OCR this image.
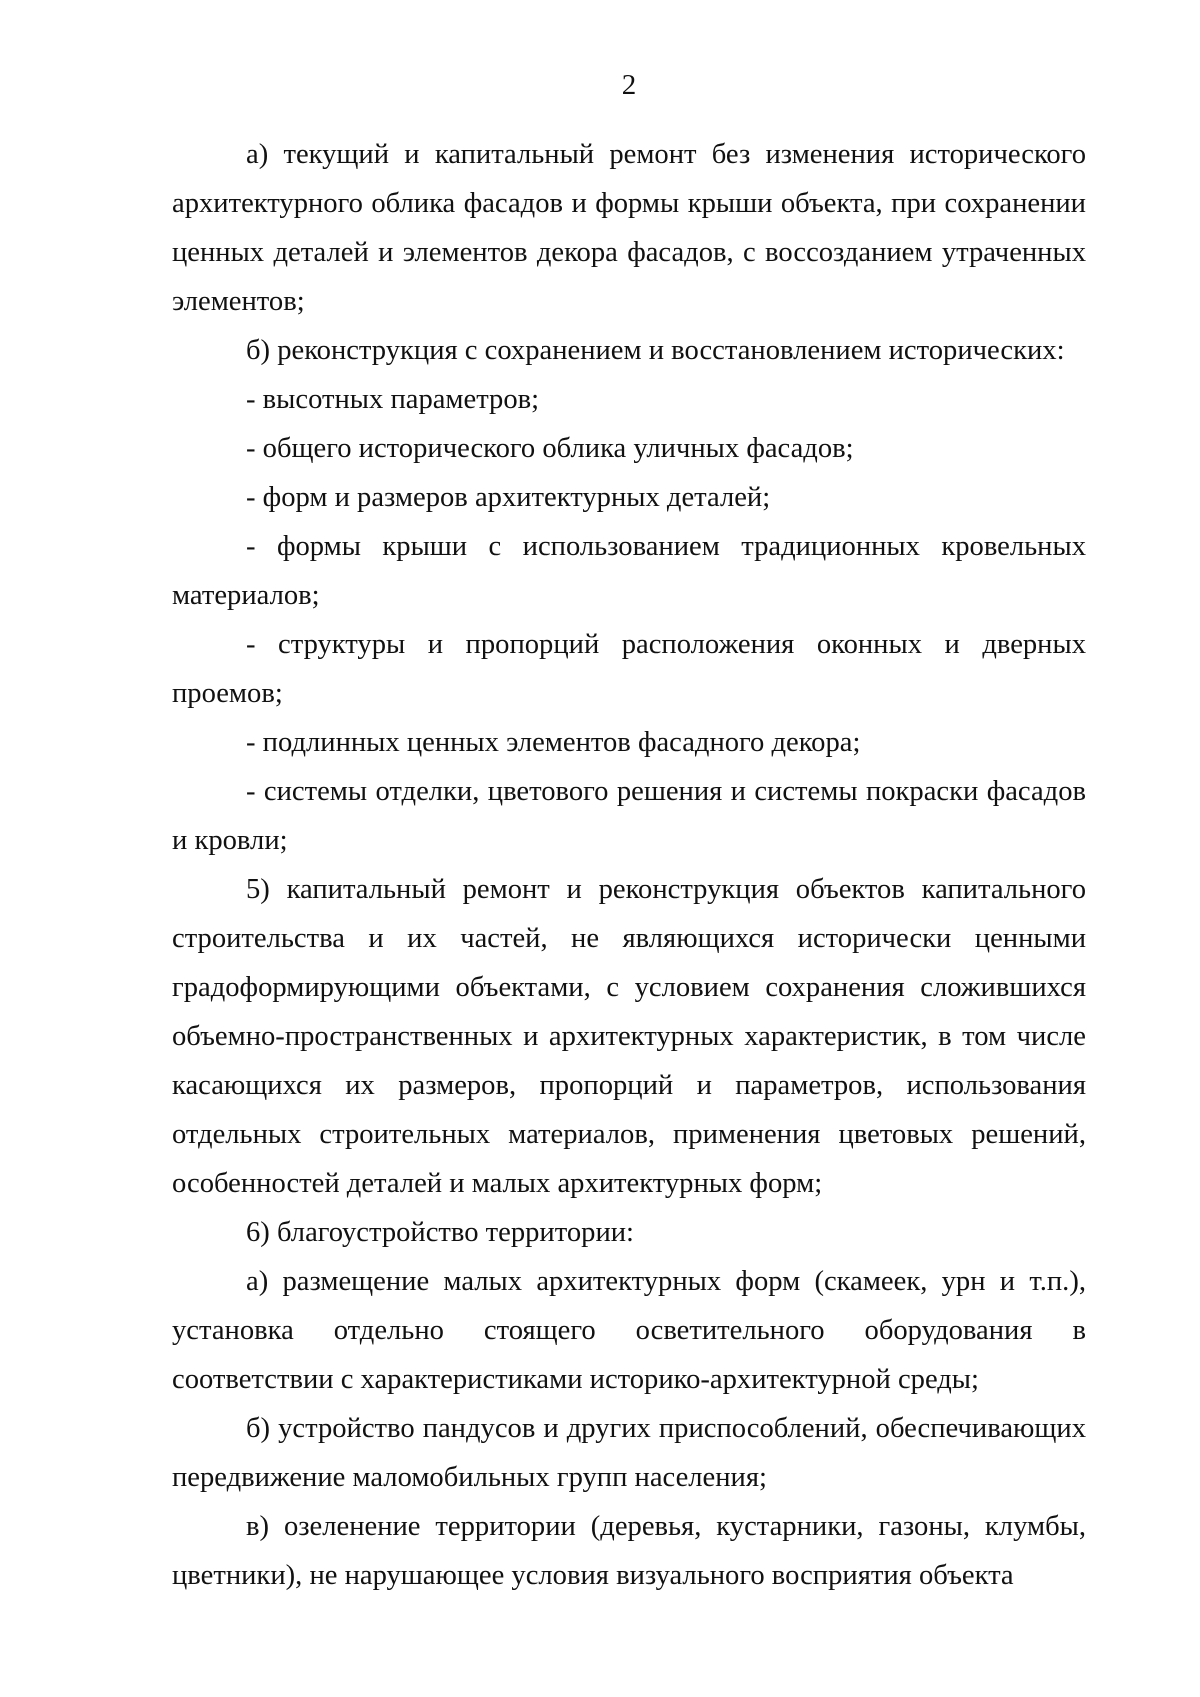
2

а) текущий и капитальный ремонт без изменения исторического архитектурного облика фасадов и формы крыши объекта, при сохранении ценных деталей и элементов декора фасадов, с воссозданием утраченных элементов;

б) реконструкция с сохранением и восстановлением исторических:

- высотных параметров;

- общего исторического облика уличных фасадов;

- форм и размеров архитектурных деталей;

- формы крыши с использованием традиционных кровельных материалов;

- структуры и пропорций расположения оконных и дверных проемов;

- подлинных ценных элементов фасадного декора;

- системы отделки, цветового решения и системы покраски фасадов и кровли;

5) капитальный ремонт и реконструкция объектов капитального строительства и их частей, не являющихся исторически ценными градоформирующими объектами, с условием сохранения сложившихся объемно-пространственных и архитектурных характеристик, в том числе касающихся их размеров, пропорций и параметров, использования отдельных строительных материалов, применения цветовых решений, особенностей деталей и малых архитектурных форм;

6) благоустройство территории:

а) размещение малых архитектурных форм (скамеек, урн и т.п.), установка отдельно стоящего осветительного оборудования в соответствии с характеристиками историко-архитектурной среды;

б) устройство пандусов и других приспособлений, обеспечивающих передвижение маломобильных групп населения;

в) озеленение территории (деревья, кустарники, газоны, клумбы, цветники), не нарушающее условия визуального восприятия объекта
